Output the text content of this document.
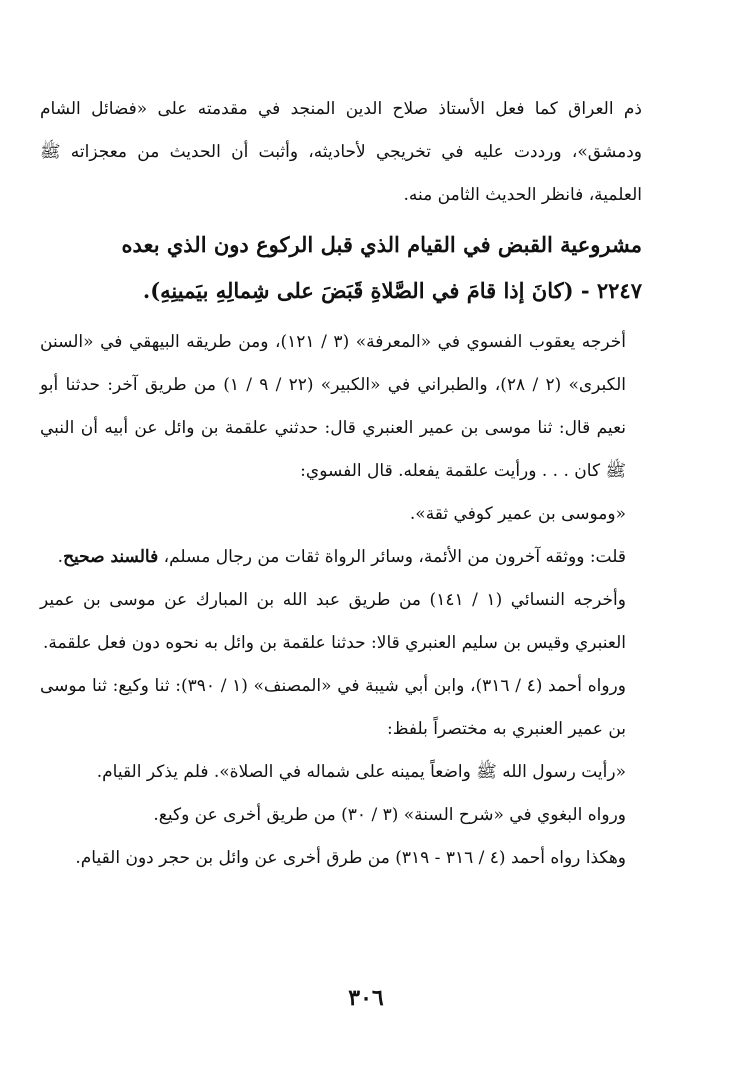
ذم العراق كما فعل الأستاذ صلاح الدين المنجد في مقدمته على «فضائل الشام ودمشق»، ورددت عليه في تخريجي لأحاديثه، وأثبت أن الحديث من معجزاته ﷺ العلمية، فانظر الحديث الثامن منه.

مشروعية القبض في القيام الذي قبل الركوع دون الذي بعده
٢٢٤٧ - (كانَ إذا قامَ في الصَّلاةِ قَبَضَ على شِمالِهِ بيَمينِهِ).

أخرجه يعقوب الفسوي في «المعرفة» (٣ / ١٢١)، ومن طريقه البيهقي في «السنن الكبرى» (٢ / ٢٨)، والطبراني في «الكبير» (٢٢ / ٩ / ١) من طريق آخر: حدثنا أبو نعيم قال: ثنا موسى بن عمير العنبري قال: حدثني علقمة بن وائل عن أبيه أن النبي ﷺ كان . . . ورأيت علقمة يفعله. قال الفسوي:

«وموسى بن عمير كوفي ثقة».

قلت: ووثقه آخرون من الأئمة، وسائر الرواة ثقات من رجال مسلم، فالسند صحيح.

وأخرجه النسائي (١ / ١٤١) من طريق عبد الله بن المبارك عن موسى بن عمير العنبري وقيس بن سليم العنبري قالا: حدثنا علقمة بن وائل به نحوه دون فعل علقمة.

ورواه أحمد (٤ / ٣١٦)، وابن أبي شيبة في «المصنف» (١ / ٣٩٠): ثنا وكيع: ثنا موسى بن عمير العنبري به مختصراً بلفظ:

«رأيت رسول الله ﷺ واضعاً يمينه على شماله في الصلاة». فلم يذكر القيام.

ورواه البغوي في «شرح السنة» (٣ / ٣٠) من طريق أخرى عن وكيع.

وهكذا رواه أحمد (٤ / ٣١٦ - ٣١٩) من طرق أخرى عن وائل بن حجر دون القيام.

٣٠٦
